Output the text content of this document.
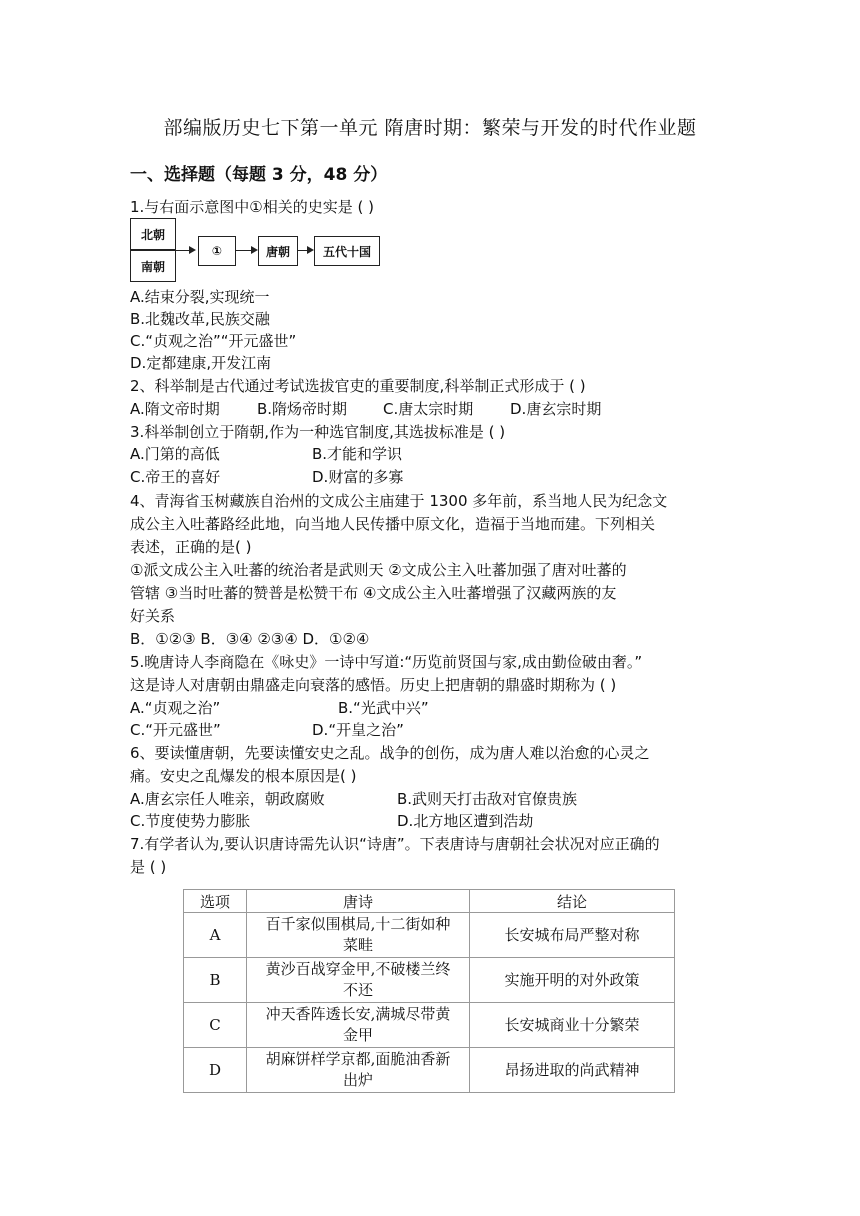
部编版历史七下第一单元 隋唐时期：繁荣与开发的时代作业题
一、选择题（每题 3 分，48 分）
1.与右面示意图中①相关的史实是 ( )
北朝
南朝
①	唐朝	五代十国
A.结束分裂,实现统一
B.北魏改革,民族交融
C.“贞观之治”“开元盛世”
D.定都建康,开发江南
2、科举制是古代通过考试选拔官吏的重要制度,科举制正式形成于 ( )
A.隋文帝时期 B.隋炀帝时期 C.唐太宗时期 D.唐玄宗时期
3.科举制创立于隋朝,作为一种选官制度,其选拔标准是 ( )
A.门第的高低	B.才能和学识
C.帝王的喜好	D.财富的多寡
4、青海省玉树藏族自治州的文成公主庙建于 1300 多年前，系当地人民为纪念文
成公主入吐蕃路经此地，向当地人民传播中原文化，造福于当地而建。下列相关
表述，正确的是( )
①派文成公主入吐蕃的统治者是武则天 ②文成公主入吐蕃加强了唐对吐蕃的
管辖 ③当时吐蕃的赞普是松赞干布 ④文成公主入吐蕃增强了汉藏两族的友
好关系
B．①②③ B．③④ ②③④ D．①②④
5.晚唐诗人李商隐在《咏史》一诗中写道:“历览前贤国与家,成由勤俭破由奢。”
这是诗人对唐朝由鼎盛走向衰落的感悟。历史上把唐朝的鼎盛时期称为 ( )
A.“贞观之治”	B.“光武中兴”
C.“开元盛世”	D.“开皇之治”
6、要读懂唐朝，先要读懂安史之乱。战争的创伤，成为唐人难以治愈的心灵之
痛。安史之乱爆发的根本原因是( )
A.唐玄宗任人唯亲，朝政腐败	B.武则天打击敌对官僚贵族
C.节度使势力膨胀	D.北方地区遭到浩劫
7.有学者认为,要认识唐诗需先认识“诗唐”。下表唐诗与唐朝社会状况对应正确的
是 ( )
选项	唐诗	结论
A	百千家似围棋局,十二街如种
菜畦	长安城布局严整对称
B	黄沙百战穿金甲,不破楼兰终
不还	实施开明的对外政策
C	冲天香阵透长安,满城尽带黄
金甲	长安城商业十分繁荣
D	胡麻饼样学京都,面脆油香新
出炉	昂扬进取的尚武精神
